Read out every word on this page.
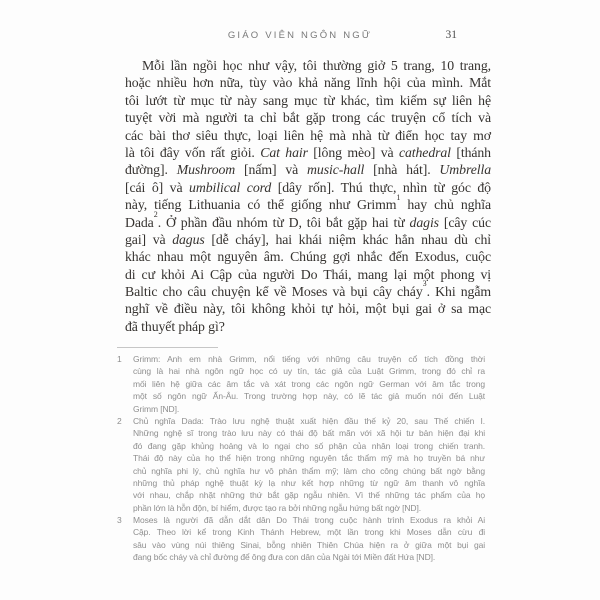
GIÁO VIÊN NGÔN NGỮ	31
Mỗi lần ngồi học như vậy, tôi thường giở 5 trang, 10 trang,
hoặc nhiều hơn nữa, tùy vào khả năng lĩnh hội của mình. Mắt
tôi lướt từ mục từ này sang mục từ khác, tìm kiếm sự liên hệ
tuyệt vời mà người ta chỉ bắt gặp trong các truyện cổ tích và
các bài thơ siêu thực, loại liên hệ mà nhà từ điển học tay mơ
là tôi đây vốn rất giỏi. Cat hair [lông mèo] và cathedral [thánh
đường]. Mushroom [nấm] và music-hall [nhà hát]. Umbrella
[cái ô] và umbilical cord [dây rốn]. Thú thực, nhìn từ góc độ
này, tiếng Lithuania có thể giống như Grimm$^1$ hay chủ nghĩa
Dada$^2$. Ở phần đầu nhóm từ D, tôi bắt gặp hai từ dagis [cây cúc
gai] và dagus [dễ cháy], hai khái niệm khác hẳn nhau dù chỉ
khác nhau một nguyên âm. Chúng gợi nhắc đến Exodus, cuộc
di cư khỏi Ai Cập của người Do Thái, mang lại một phong vị
Baltic cho câu chuyện kể về Moses và bụi cây cháy$^3$. Khi ngẫm
nghĩ về điều này, tôi không khỏi tự hỏi, một bụi gai ở sa mạc
đã thuyết pháp gì?
1	Grimm: Anh em nhà Grimm, nổi tiếng với những câu truyện cổ tích đồng thời
cùng là hai nhà ngôn ngữ học có uy tín, tác giả của Luật Grimm, trong đó chỉ ra
mối liên hệ giữa các âm tắc và xát trong các ngôn ngữ German với âm tắc trong
một số ngôn ngữ Ấn-Âu. Trong trường hợp này, có lẽ tác giả muốn nói đến Luật
Grimm [ND].
2	Chủ nghĩa Dada: Trào lưu nghệ thuật xuất hiện đầu thế kỷ 20, sau Thế chiến I.
Những nghệ sĩ trong trào lưu này có thái độ bất mãn với xã hội tư bản hiện đại khi
đó đang gặp khủng hoảng và lo ngại cho số phận của nhân loại trong chiến tranh.
Thái độ này của họ thể hiện trong những nguyên tắc thẩm mỹ mà họ truyền bá như
chủ nghĩa phi lý, chủ nghĩa hư vô phản thẩm mỹ; làm cho công chúng bất ngờ bằng
những thủ pháp nghệ thuật kỳ lạ như kết hợp những từ ngữ âm thanh vô nghĩa
với nhau, chắp nhặt những thứ bắt gặp ngẫu nhiên. Vì thế những tác phẩm của họ
phần lớn là hỗn độn, bí hiểm, được tạo ra bởi những ngẫu hứng bất ngờ [ND].
3	Moses là người đã dẫn dắt dân Do Thái trong cuộc hành trình Exodus ra khỏi Ai
Cập. Theo lời kể trong Kinh Thánh Hebrew, một lần trong khi Moses dẫn cừu đi
sâu vào vùng núi thiêng Sinai, bỗng nhiên Thiên Chúa hiện ra ở giữa một bụi gai
đang bốc cháy và chỉ đường để ông đưa con dân của Ngài tới Miền đất Hứa [ND].
